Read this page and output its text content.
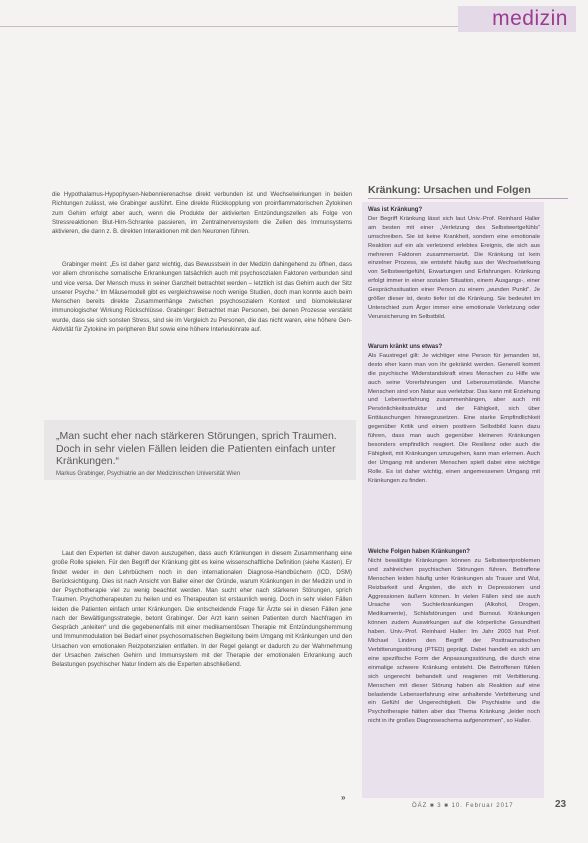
medizin

die Hypothalamus-Hypophysen-Nebennierenachse direkt verbunden ist und Wechselwirkungen in beiden Richtungen zulässt, wie Grabinger ausführt. Eine direkte Rückkopplung von proinflammatorischen Zytokinen zum Gehirn erfolgt aber auch, wenn die Produkte der aktivierten Entzündungszellen als Folge von Stressreaktionen Blut-Hirn-Schranke passieren, im Zentralnervensystem die Zellen des Immunsystems aktivieren, die dann z. B. direkten Interaktionen mit den Neuronen führen.

Grabinger meint: „Es ist daher ganz wichtig, das Bewusstsein in der Medizin dahingehend zu öffnen, dass vor allem chronische somatische Erkrankungen tatsächlich auch mit psychosozialen Faktoren verbunden sind und vice versa. Der Mensch muss in seiner Ganzheit betrachtet werden – letztlich ist das Gehirn auch der Sitz unserer Psyche.“ Im Mäusemodell gibt es vergleichsweise noch wenige Studien, doch man konnte auch beim Menschen bereits direkte Zusammenhänge zwischen psychosozialem Kontext und biomolekularer immunologischer Wirkung Rückschlüsse. Grabinger: Betrachtet man Personen, bei denen Prozesse verstärkt wurde, dass sie sich sonsten Stress, sind sie im Vergleich zu Personen, die das nicht waren, eine höhere Gen-Aktivität für Zytokine im peripheren Blut sowie eine höhere Interleukinrate auf.

„Man sucht eher nach stärkeren Störungen, sprich Traumen. Doch in sehr vielen Fällen leiden die Patienten einfach unter Kränkungen.“
Markus Grabinger, Psychiatrie an der Medizinischen Universität Wien

Laut den Experten ist daher davon auszugehen, dass auch Kränkungen in diesem Zusammenhang eine große Rolle spielen. Für den Begriff der Kränkung gibt es keine wissenschaftliche Definition (siehe Kasten). Er findet weder in den Lehrbüchern noch in den internationalen Diagnose-Handbüchern (ICD, DSM) Berücksichtigung. Dies ist nach Ansicht von Baller einer der Gründe, warum Kränkungen in der Medizin und in der Psychotherapie viel zu wenig beachtet werden. Man sucht eher nach stärkeren Störungen, sprich Traumen. Psychotherapeuten zu heilen und es Therapeuten ist erstaunlich wenig. Doch in sehr vielen Fällen leiden die Patienten einfach unter Kränkungen. Die entscheidende Frage für Ärzte sei in diesen Fällen jene nach der Bewältigungsstrategie, betont Grabinger. Der Arzt kann seinen Patienten durch Nachfragen im Gespräch „anleiten“ und die gegebenenfalls mit einer medikamentösen Therapie mit Entzündungshemmung und Immunmodulation bei Bedarf einer psychosomatischen Begleitung beim Umgang mit Kränkungen und den Ursachen von emotionalen Reizpotenzialen entfalten. In der Regel gelangt er dadurch zu der Wahrnehmung der Ursachen zwischen Gehirn und Immunsystem mit der Therapie der emotionalen Erkrankung auch Belastungen psychischer Natur lindern als die Experten abschließend.

»
Kränkung: Ursachen und Folgen
Was ist Kränkung?

Der Begriff Kränkung lässt sich laut Univ.-Prof. Reinhard Haller am besten mit einer „Verletzung des Selbstwertgefühls“ umschreiben. Sie ist keine Krankheit, sondern eine emotionale Reaktion auf ein als verletzend erlebtes Ereignis, die sich aus mehreren Faktoren zusammensetzt. Die Kränkung ist kein einzelner Prozess, sie entsteht häufig aus der Wechselwirkung von Selbstwertgefühl, Erwartungen und Erfahrungen. Kränkung erfolgt immer in einer sozialen Situation, einem Ausgangs-, einer Gesprächssituation einer Person zu einem „wunden Punkt“. Je größer dieser ist, desto tiefer ist die Kränkung. Sie bedeutet im Unterschied zum Ärger immer eine emotionale Verletzung oder Verunsicherung im Selbstbild.

Warum kränkt uns etwas?

Als Faustregel gilt: Je wichtiger eine Person für jemanden ist, desto eher kann man von ihr gekränkt werden. Generell kommt die psychische Widerstandskraft eines Menschen zu Hilfe wie auch seine Vorerfahrungen und Lebensumstände. Manche Menschen sind von Natur aus verletzbar. Das kann mit Erziehung und Lebenserfahrung zusammenhängen, aber auch mit Persönlichkeitsstruktur und der Fähigkeit, sich über Enttäuschungen hinwegzusetzen. Eine starke Empfindlichkeit gegenüber Kritik und einem positiven Selbstbild kann dazu führen, dass man auch gegenüber kleineren Kränkungen besonders empfindlich reagiert. Die Resilienz oder auch die Fähigkeit, mit Kränkungen umzugehen, kann man erlernen. Auch der Umgang mit anderen Menschen spielt dabei eine wichtige Rolle. Es ist daher wichtig, einen angemessenen Umgang mit Kränkungen zu finden.

Welche Folgen haben Kränkungen?

Nicht bewältigte Kränkungen können zu Selbstwertproblemen und zahlreichen psychischen Störungen führen. Betroffene Menschen leiden häufig unter Kränkungen als Trauer und Wut, Reizbarkeit und Ängsten, die sich in Depressionen und Aggressionen äußern können. In vielen Fällen sind sie auch Ursache von Suchterkrankungen (Alkohol, Drogen, Medikamente), Schlafstörungen und Burnout. Kränkungen können zudem Auswirkungen auf die körperliche Gesundheit haben. Univ.-Prof. Reinhard Haller: Im Jahr 2003 hat Prof. Michael Linden den Begriff der Posttraumatischen Verbitterungsstörung (PTED) geprägt. Dabei handelt es sich um eine spezifische Form der Anpassungsstörung, die durch eine einmalige schwere Kränkung entsteht. Die Betroffenen fühlen sich ungerecht behandelt und reagieren mit Verbitterung. Menschen mit dieser Störung haben als Reaktion auf eine belastende Lebenserfahrung eine anhaltende Verbitterung und ein Gefühl der Ungerechtigkeit. Die Psychiatrie und die Psychotherapie hätten aber das Thema Kränkung „leider noch nicht in ihr großes Diagnoseschema aufgenommen“, so Haller.

ÖÄZ ■ 3 ■ 10. Februar 2017	23
